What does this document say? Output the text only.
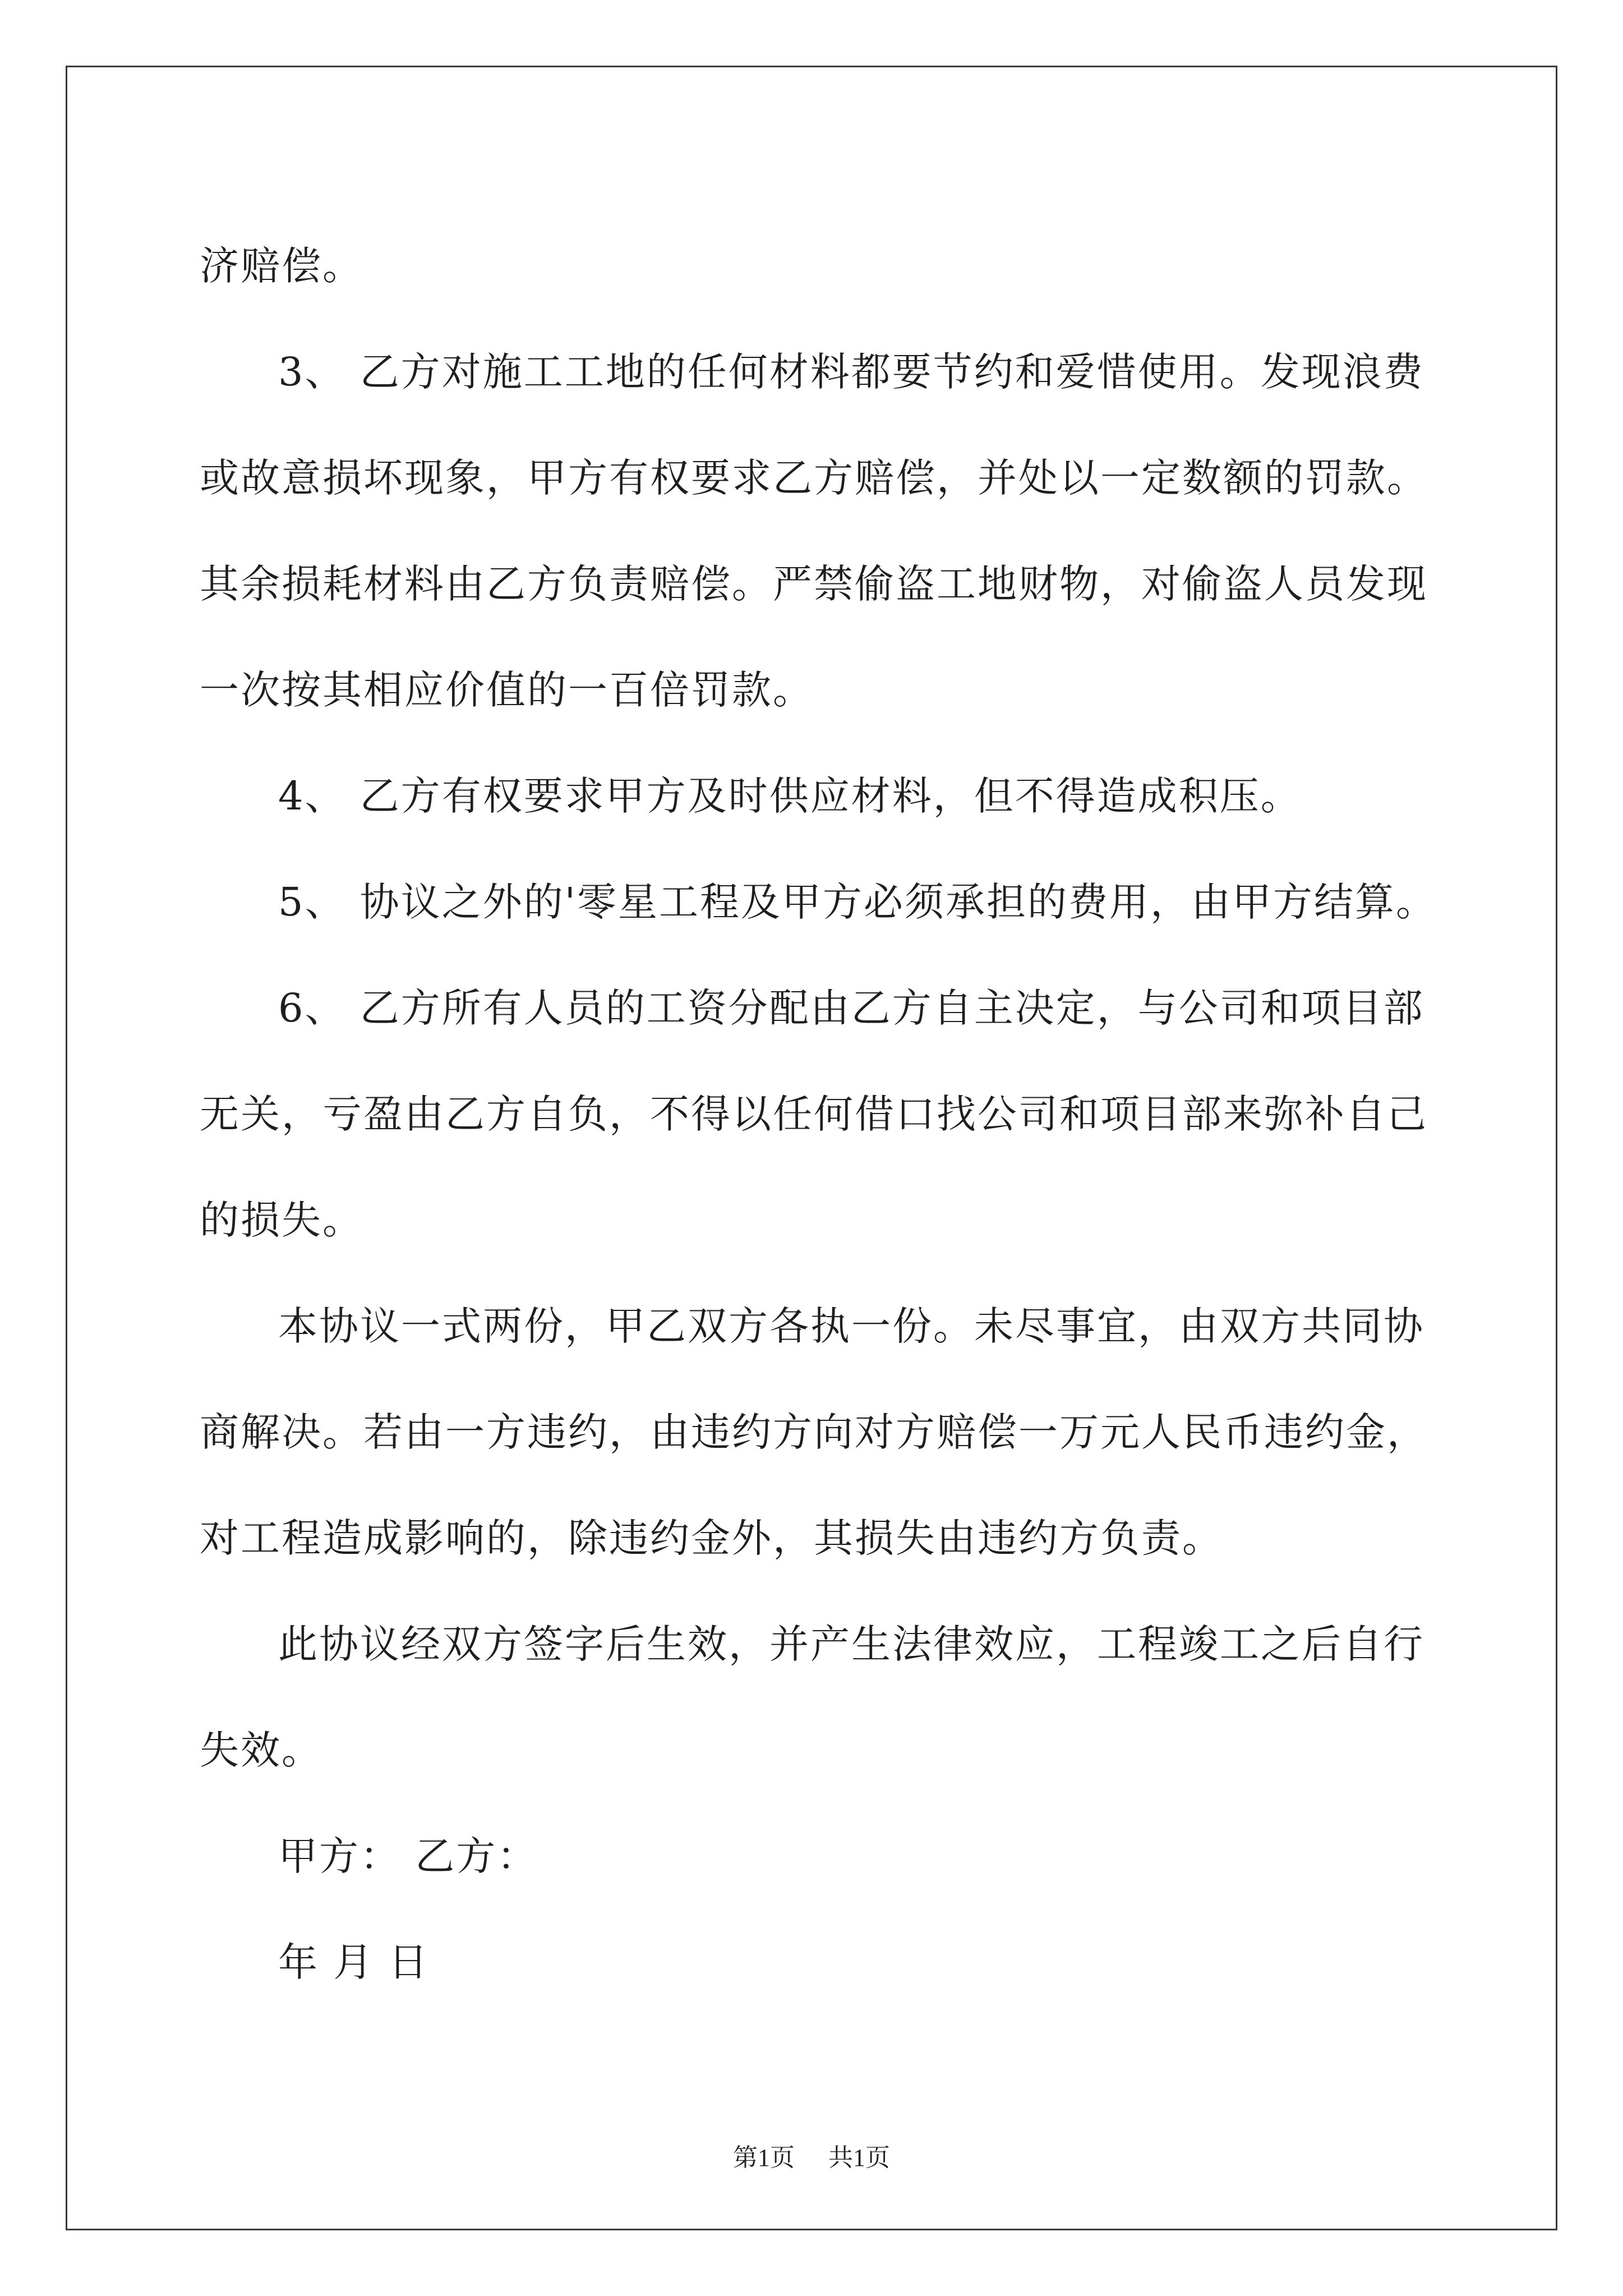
济赔偿。

3、 乙方对施工工地的任何材料都要节约和爱惜使用。发现浪费

或故意损坏现象，甲方有权要求乙方赔偿，并处以一定数额的罚款。

其余损耗材料由乙方负责赔偿。严禁偷盗工地财物，对偷盗人员发现

一次按其相应价值的一百倍罚款。

4、 乙方有权要求甲方及时供应材料，但不得造成积压。

5、 协议之外的'零星工程及甲方必须承担的费用，由甲方结算。

6、 乙方所有人员的工资分配由乙方自主决定，与公司和项目部

无关，亏盈由乙方自负，不得以任何借口找公司和项目部来弥补自己

的损失。

本协议一式两份，甲乙双方各执一份。未尽事宜，由双方共同协

商解决。若由一方违约，由违约方向对方赔偿一万元人民币违约金，

对工程造成影响的，除违约金外，其损失由违约方负责。

此协议经双方签字后生效，并产生法律效应，工程竣工之后自行

失效。

甲方： 乙方：

年 月 日

第1页 共1页
